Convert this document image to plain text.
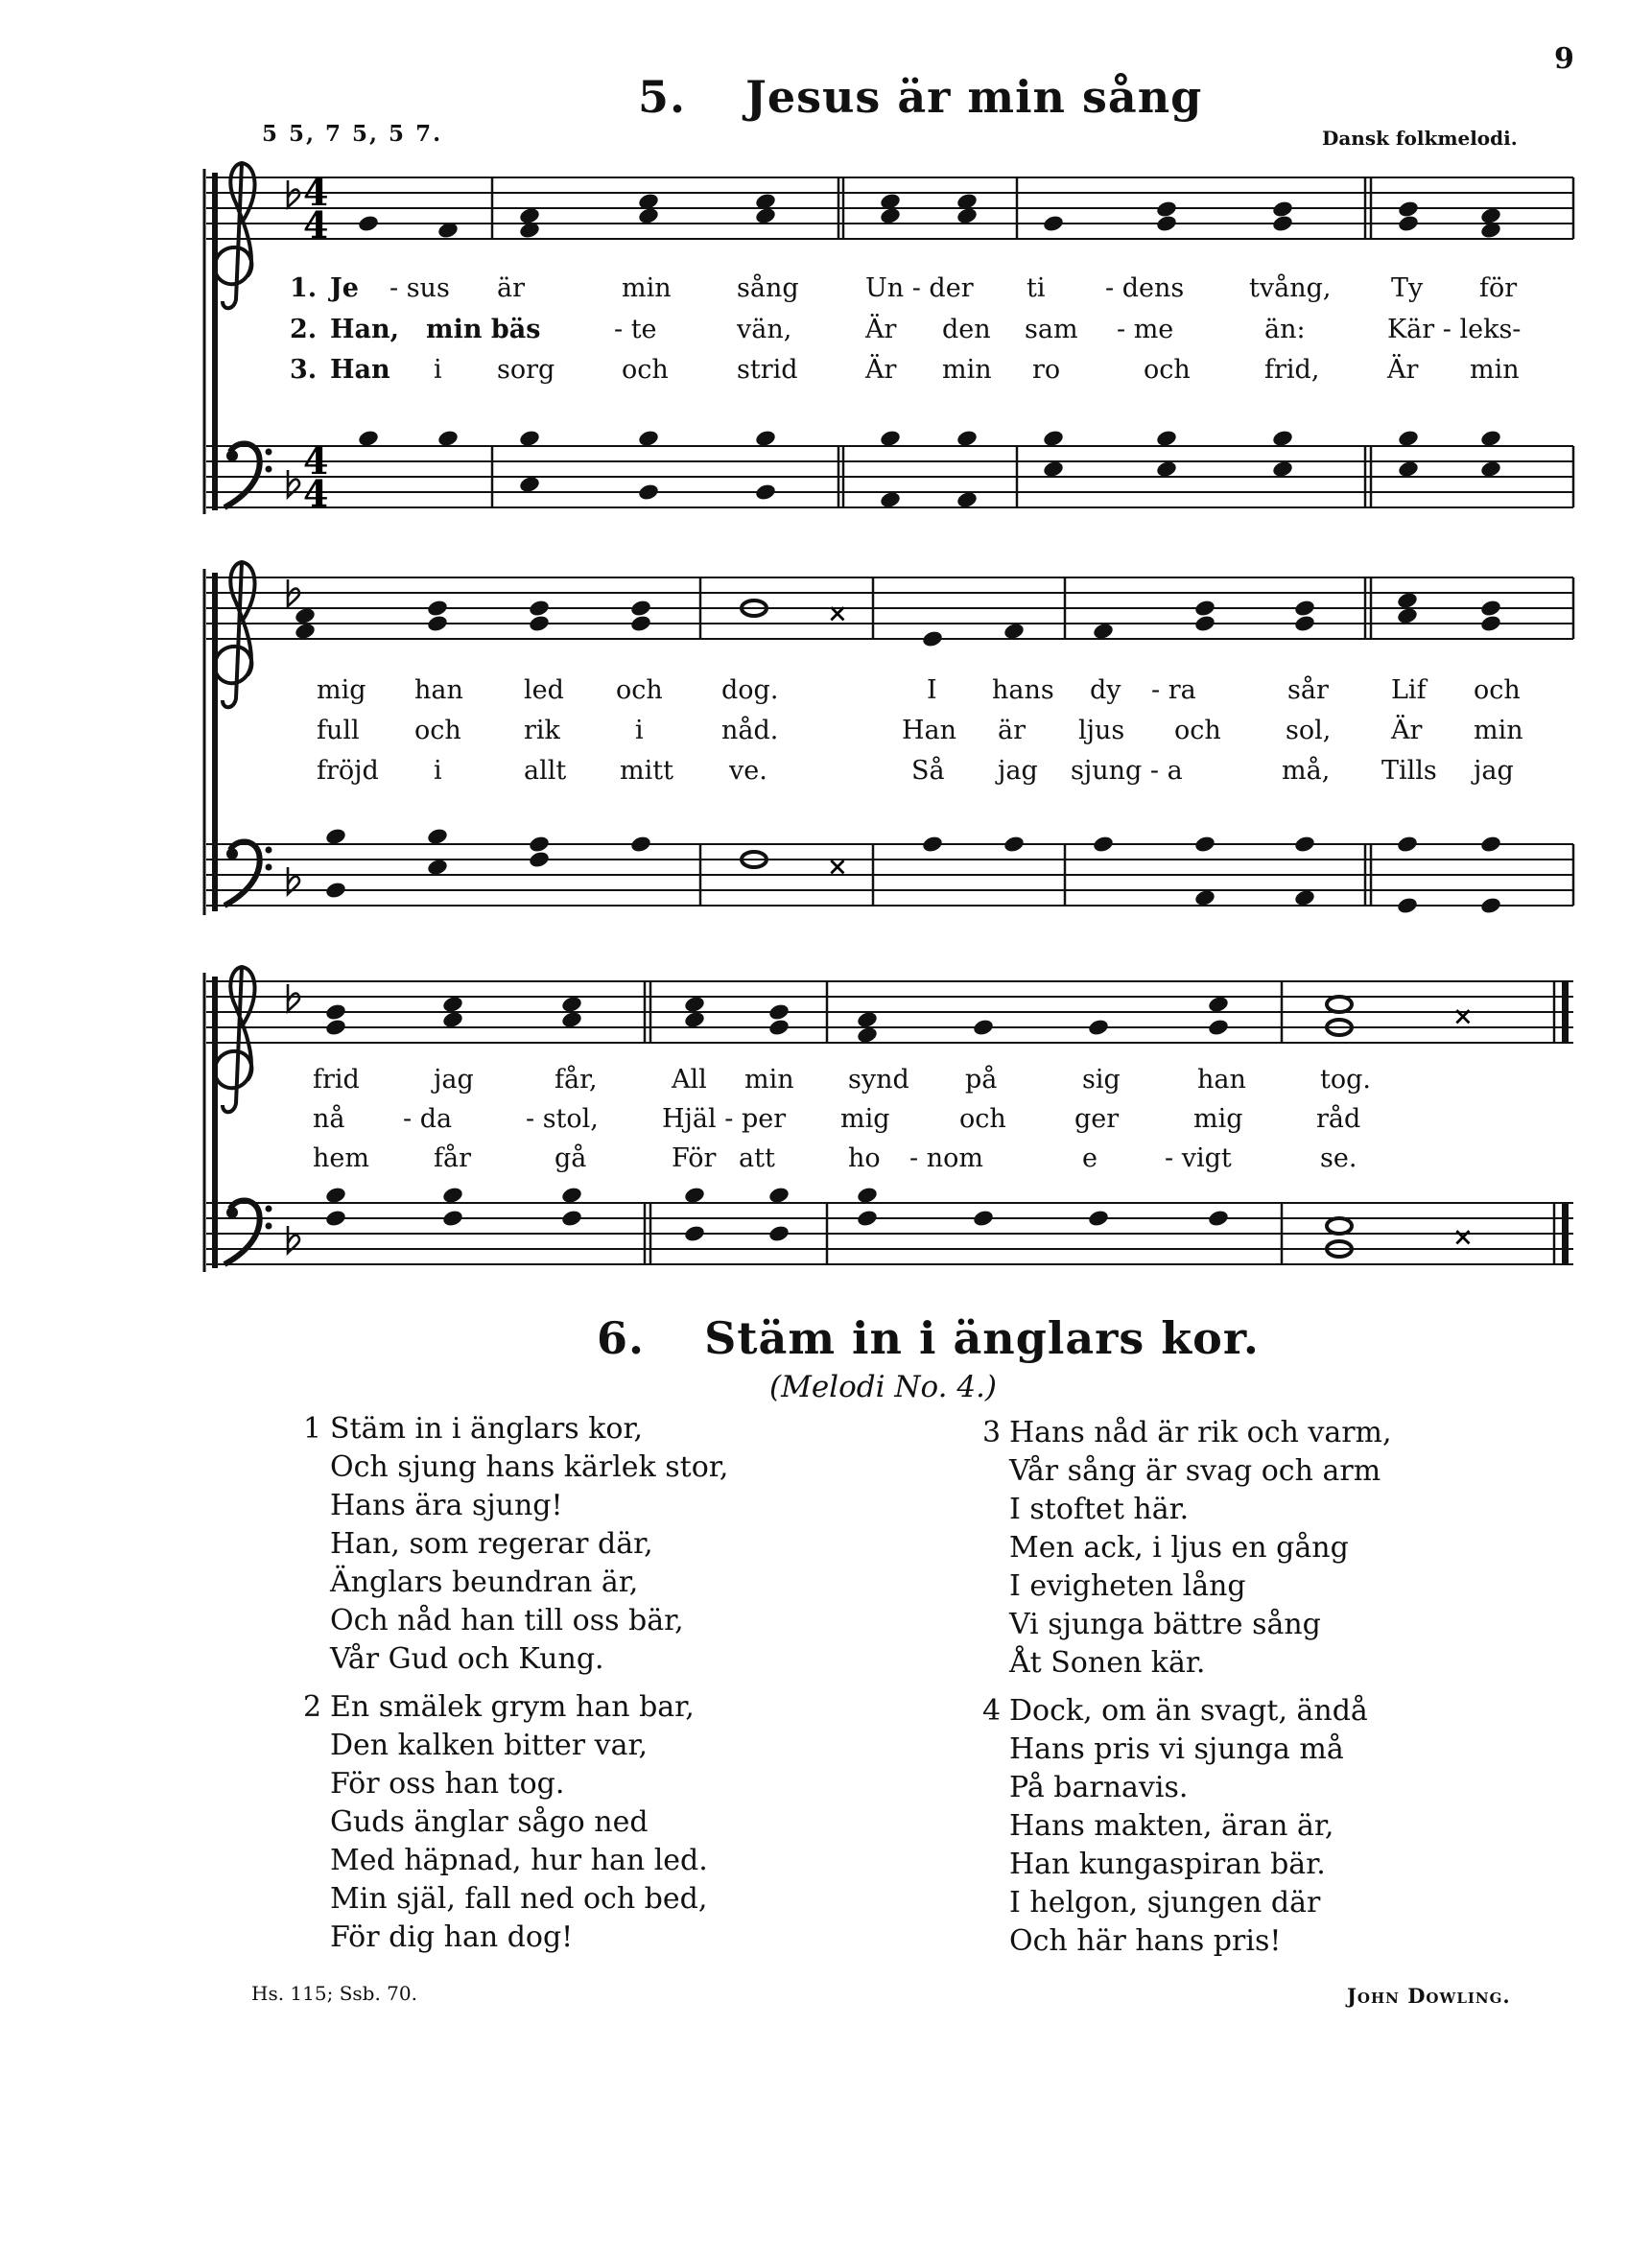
9
5. Jesus är min sång
5 5, 7 5, 5 7.	Dansk folkmelodi.
4
4
4
4
×
×
×
×
1. Je - sus är	min	sång	Un - der ti - dens	tvång, Ty för
2. Han, min bäs	- te	vän,	Är den sam - me	än:	Kär - leks-
3. Han i sorg	och	strid	Är min ro	och	frid,	Är min
mig han led och dog.	I hans dy - ra	sår Lif och
full och rik	i	nåd.	Han är ljus och sol, Är min
fröjd i	allt mitt ve.	Så jag sjung - a	må, Tills jag
frid	jag	får,	All min synd på	sig	han	tog.
nå - da	- stol, Hjäl - per mig	och	ger	mig	råd
hem får	gå	För att	ho - nom	e	- vigt	se.
6. Stäm in i änglars kor.
(Melodi No. 4.)
1 Stäm in i änglars kor,
Och sjung hans kärlek stor,
Hans ära sjung!
Han, som regerar där,
Änglars beundran är,
Och nåd han till oss bär,
Vår Gud och Kung.
2 En smälek grym han bar,
Den kalken bitter var,
För oss han tog.
Guds änglar sågo ned
Med häpnad, hur han led.
Min själ, fall ned och bed,
För dig han dog!
3 Hans nåd är rik och varm,
Vår sång är svag och arm
I stoftet här.
Men ack, i ljus en gång
I evigheten lång
Vi sjunga bättre sång
Åt Sonen kär.
4 Dock, om än svagt, ändå
Hans pris vi sjunga må
På barnavis.
Hans makten, äran är,
Han kungaspiran bär.
I helgon, sjungen där
Och här hans pris!
Hs. 115; Ssb. 70.	John Dowling.
